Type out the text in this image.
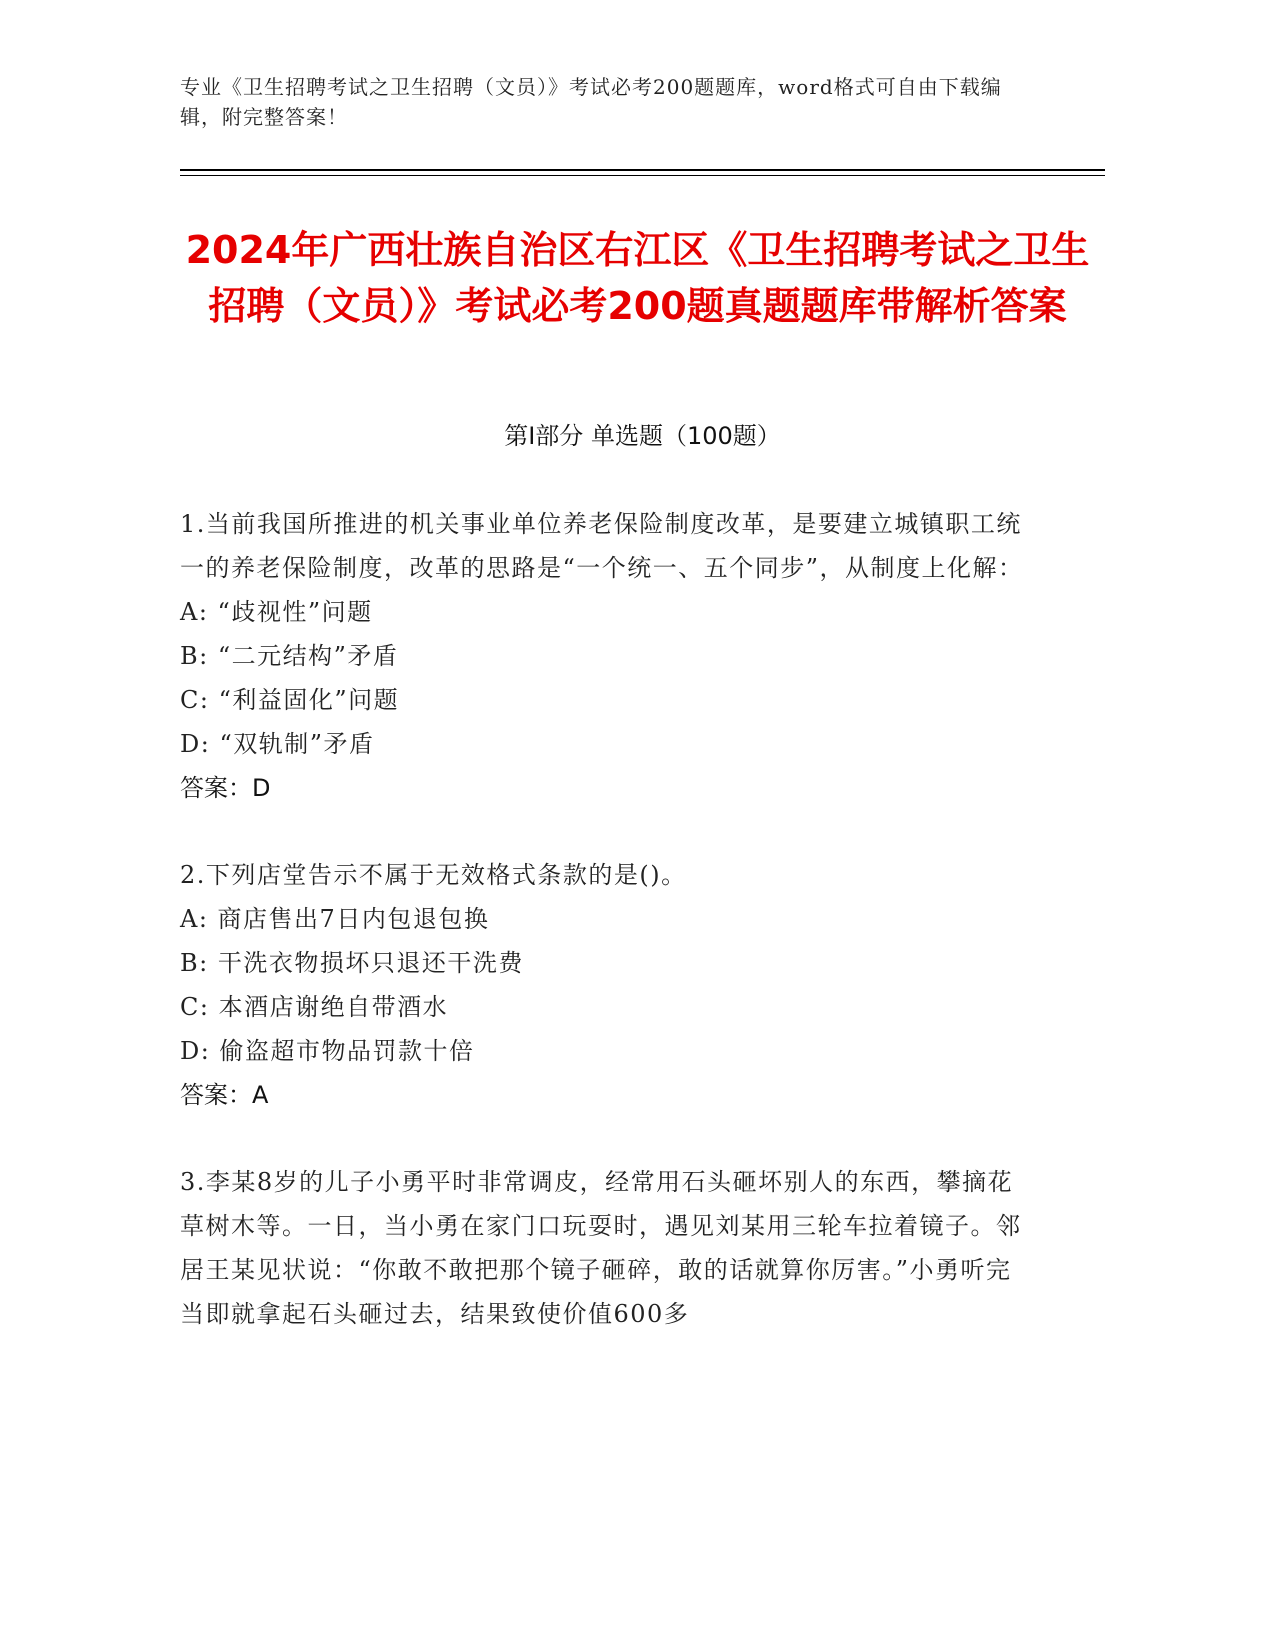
专业《卫生招聘考试之卫生招聘（文员）》考试必考200题题库，word格式可自由下载编辑，附完整答案！
2024年广西壮族自治区右江区《卫生招聘考试之卫生招聘（文员）》考试必考200题真题题库带解析答案
第Ⅰ部分 单选题（100题）

1.当前我国所推进的机关事业单位养老保险制度改革，是要建立城镇职工统一的养老保险制度，改革的思路是“一个统一、五个同步”，从制度上化解：

A: “歧视性”问题

B: “二元结构”矛盾

C: “利益固化”问题

D: “双轨制”矛盾

答案：D

2.下列店堂告示不属于无效格式条款的是()。

A: 商店售出7日内包退包换

B: 干洗衣物损坏只退还干洗费

C: 本酒店谢绝自带酒水

D: 偷盗超市物品罚款十倍

答案：A

3.李某8岁的儿子小勇平时非常调皮，经常用石头砸坏别人的东西，攀摘花草树木等。一日，当小勇在家门口玩耍时，遇见刘某用三轮车拉着镜子。邻居王某见状说：“你敢不敢把那个镜子砸碎，敢的话就算你厉害。”小勇听完当即就拿起石头砸过去，结果致使价值600多
